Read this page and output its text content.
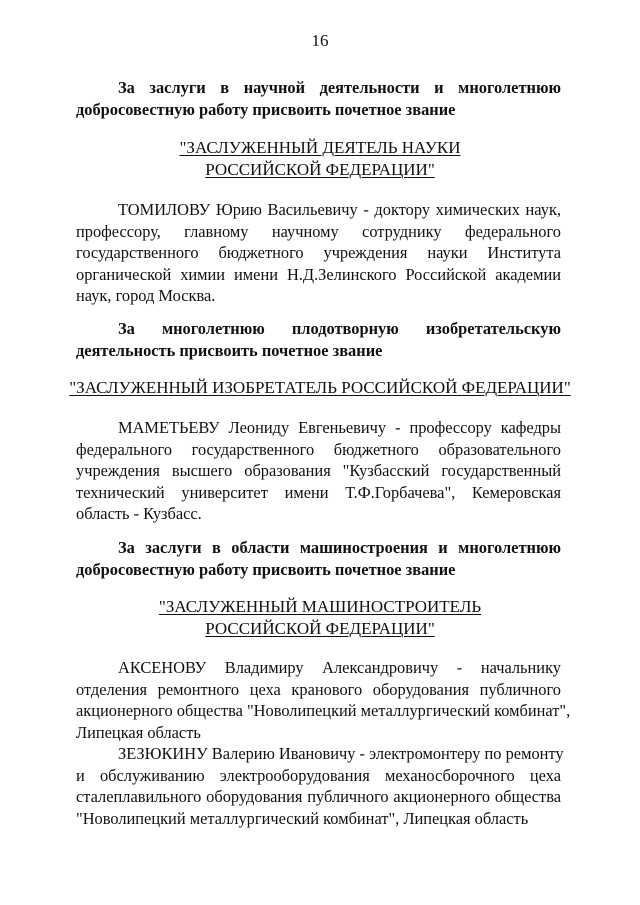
16
За заслуги в научной деятельности и многолетнюю
добросовестную работу присвоить почетное звание
"ЗАСЛУЖЕННЫЙ ДЕЯТЕЛЬ НАУКИ
РОССИЙСКОЙ ФЕДЕРАЦИИ"
ТОМИЛОВУ Юрию Васильевичу - доктору химических наук,
профессору, главному научному сотруднику федерального
государственного бюджетного учреждения науки Института
органической химии имени Н.Д.Зелинского Российской академии
наук, город Москва.
За многолетнюю плодотворную изобретательскую
деятельность присвоить почетное звание
"ЗАСЛУЖЕННЫЙ ИЗОБРЕТАТЕЛЬ РОССИЙСКОЙ ФЕДЕРАЦИИ"
МАМЕТЬЕВУ Леониду Евгеньевичу - профессору кафедры
федерального государственного бюджетного образовательного
учреждения высшего образования "Кузбасский государственный
технический университет имени Т.Ф.Горбачева", Кемеровская
область - Кузбасс.
За заслуги в области машиностроения и многолетнюю
добросовестную работу присвоить почетное звание
"ЗАСЛУЖЕННЫЙ МАШИНОСТРОИТЕЛЬ
РОССИЙСКОЙ ФЕДЕРАЦИИ"
АКСЕНОВУ Владимиру Александровичу - начальнику
отделения ремонтного цеха кранового оборудования публичного
акционерного общества "Новолипецкий металлургический комбинат",
Липецкая область
ЗЕЗЮКИНУ Валерию Ивановичу - электромонтеру по ремонту
и обслуживанию электрооборудования механосборочного цеха
сталеплавильного оборудования публичного акционерного общества
"Новолипецкий металлургический комбинат", Липецкая область
